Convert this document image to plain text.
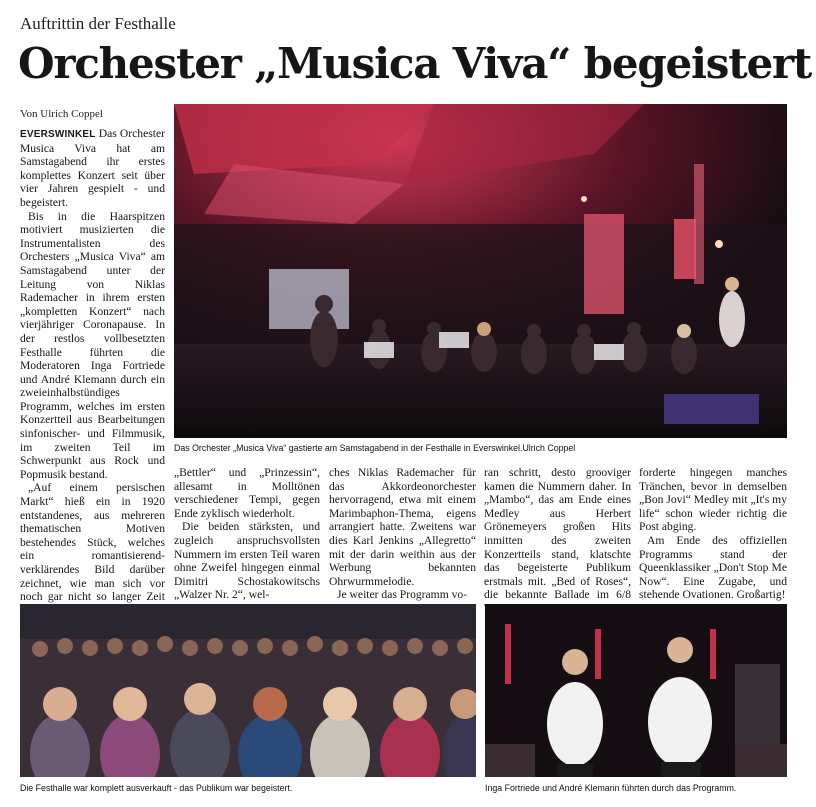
Auftrittin der Festhalle
Orchester „Musica Viva“ begeistert
Von Ulrich Coppel

EVERSWINKEL Das Orchester Musica Viva hat am Samstagabend ihr erstes komplettes Konzert seit über vier Jahren gespielt - und begeistert.

Bis in die Haarspitzen motiviert musizierten die Instrumentalisten des Orchesters „Musica Viva“ am Samstagabend unter der Leitung von Niklas Rademacher in ihrem ersten „kompletten Konzert“ nach vierjähriger Coronapause. In der restlos vollbesetzten Festhalle führten die Moderatoren Inga Fortriede und André Klemann durch ein zweieinhalbstündiges Programm, welches im ersten Konzertteil aus Bearbeitungen sinfonischer- und Filmmusik, im zweiten Teil im Schwerpunkt aus Rock und Popmusik bestand.

„Auf einem persischen Markt“ hieß ein in 1920 entstandenes, aus mehreren thematischen Motiven bestehendes Stück, welches ein romantisierend-verklärendes Bild darüber zeichnet, wie man sich vor noch gar nicht so langer Zeit

Das Orchester „Musica Viva“ gastierte am Samstagabend in der Festhalle in Everswinkel.Ulrich Coppel

„Bettler“ und „Prinzessin“, allesamt in Molltönen verschiedener Tempi, gegen Ende zyklisch wiederholt.

Die beiden stärksten, und zugleich anspruchsvollsten Nummern im ersten Teil waren ohne Zweifel hingegen einmal Dimitri Schostakowitschs „Walzer Nr. 2“, wel-

ches Niklas Rademacher für das Akkordeonorchester hervorragend, etwa mit einem Marimbaphon-Thema, eigens arrangiert hatte. Zweitens war dies Karl Jenkins „Allegretto“ mit der darin weithin aus der Werbung bekannten Ohrwurmmelodie.

Je weiter das Programm vo-

ran schritt, desto grooviger kamen die Nummern daher. In „Mambo“, das am Ende eines Medley aus Herbert Grönemeyers großen Hits inmitten des zweiten Konzertteils stand, klatschte das begeisterte Publikum erstmals mit. „Bed of Roses“, die bekannte Ballade im 6/8

forderte hingegen manches Tränchen, bevor in demselben „Bon Jovi“ Medley mit „It's my life“ schon wieder richtig die Post abging.

Am Ende des offiziellen Programms stand der Queenklassiker „Don't Stop Me Now“. Eine Zugabe, und stehende Ovationen. Großartig!

Die Festhalle war komplett ausverkauft - das Publikum war begeistert.	Inga Fortriede und André Klemann führten durch das Programm.
